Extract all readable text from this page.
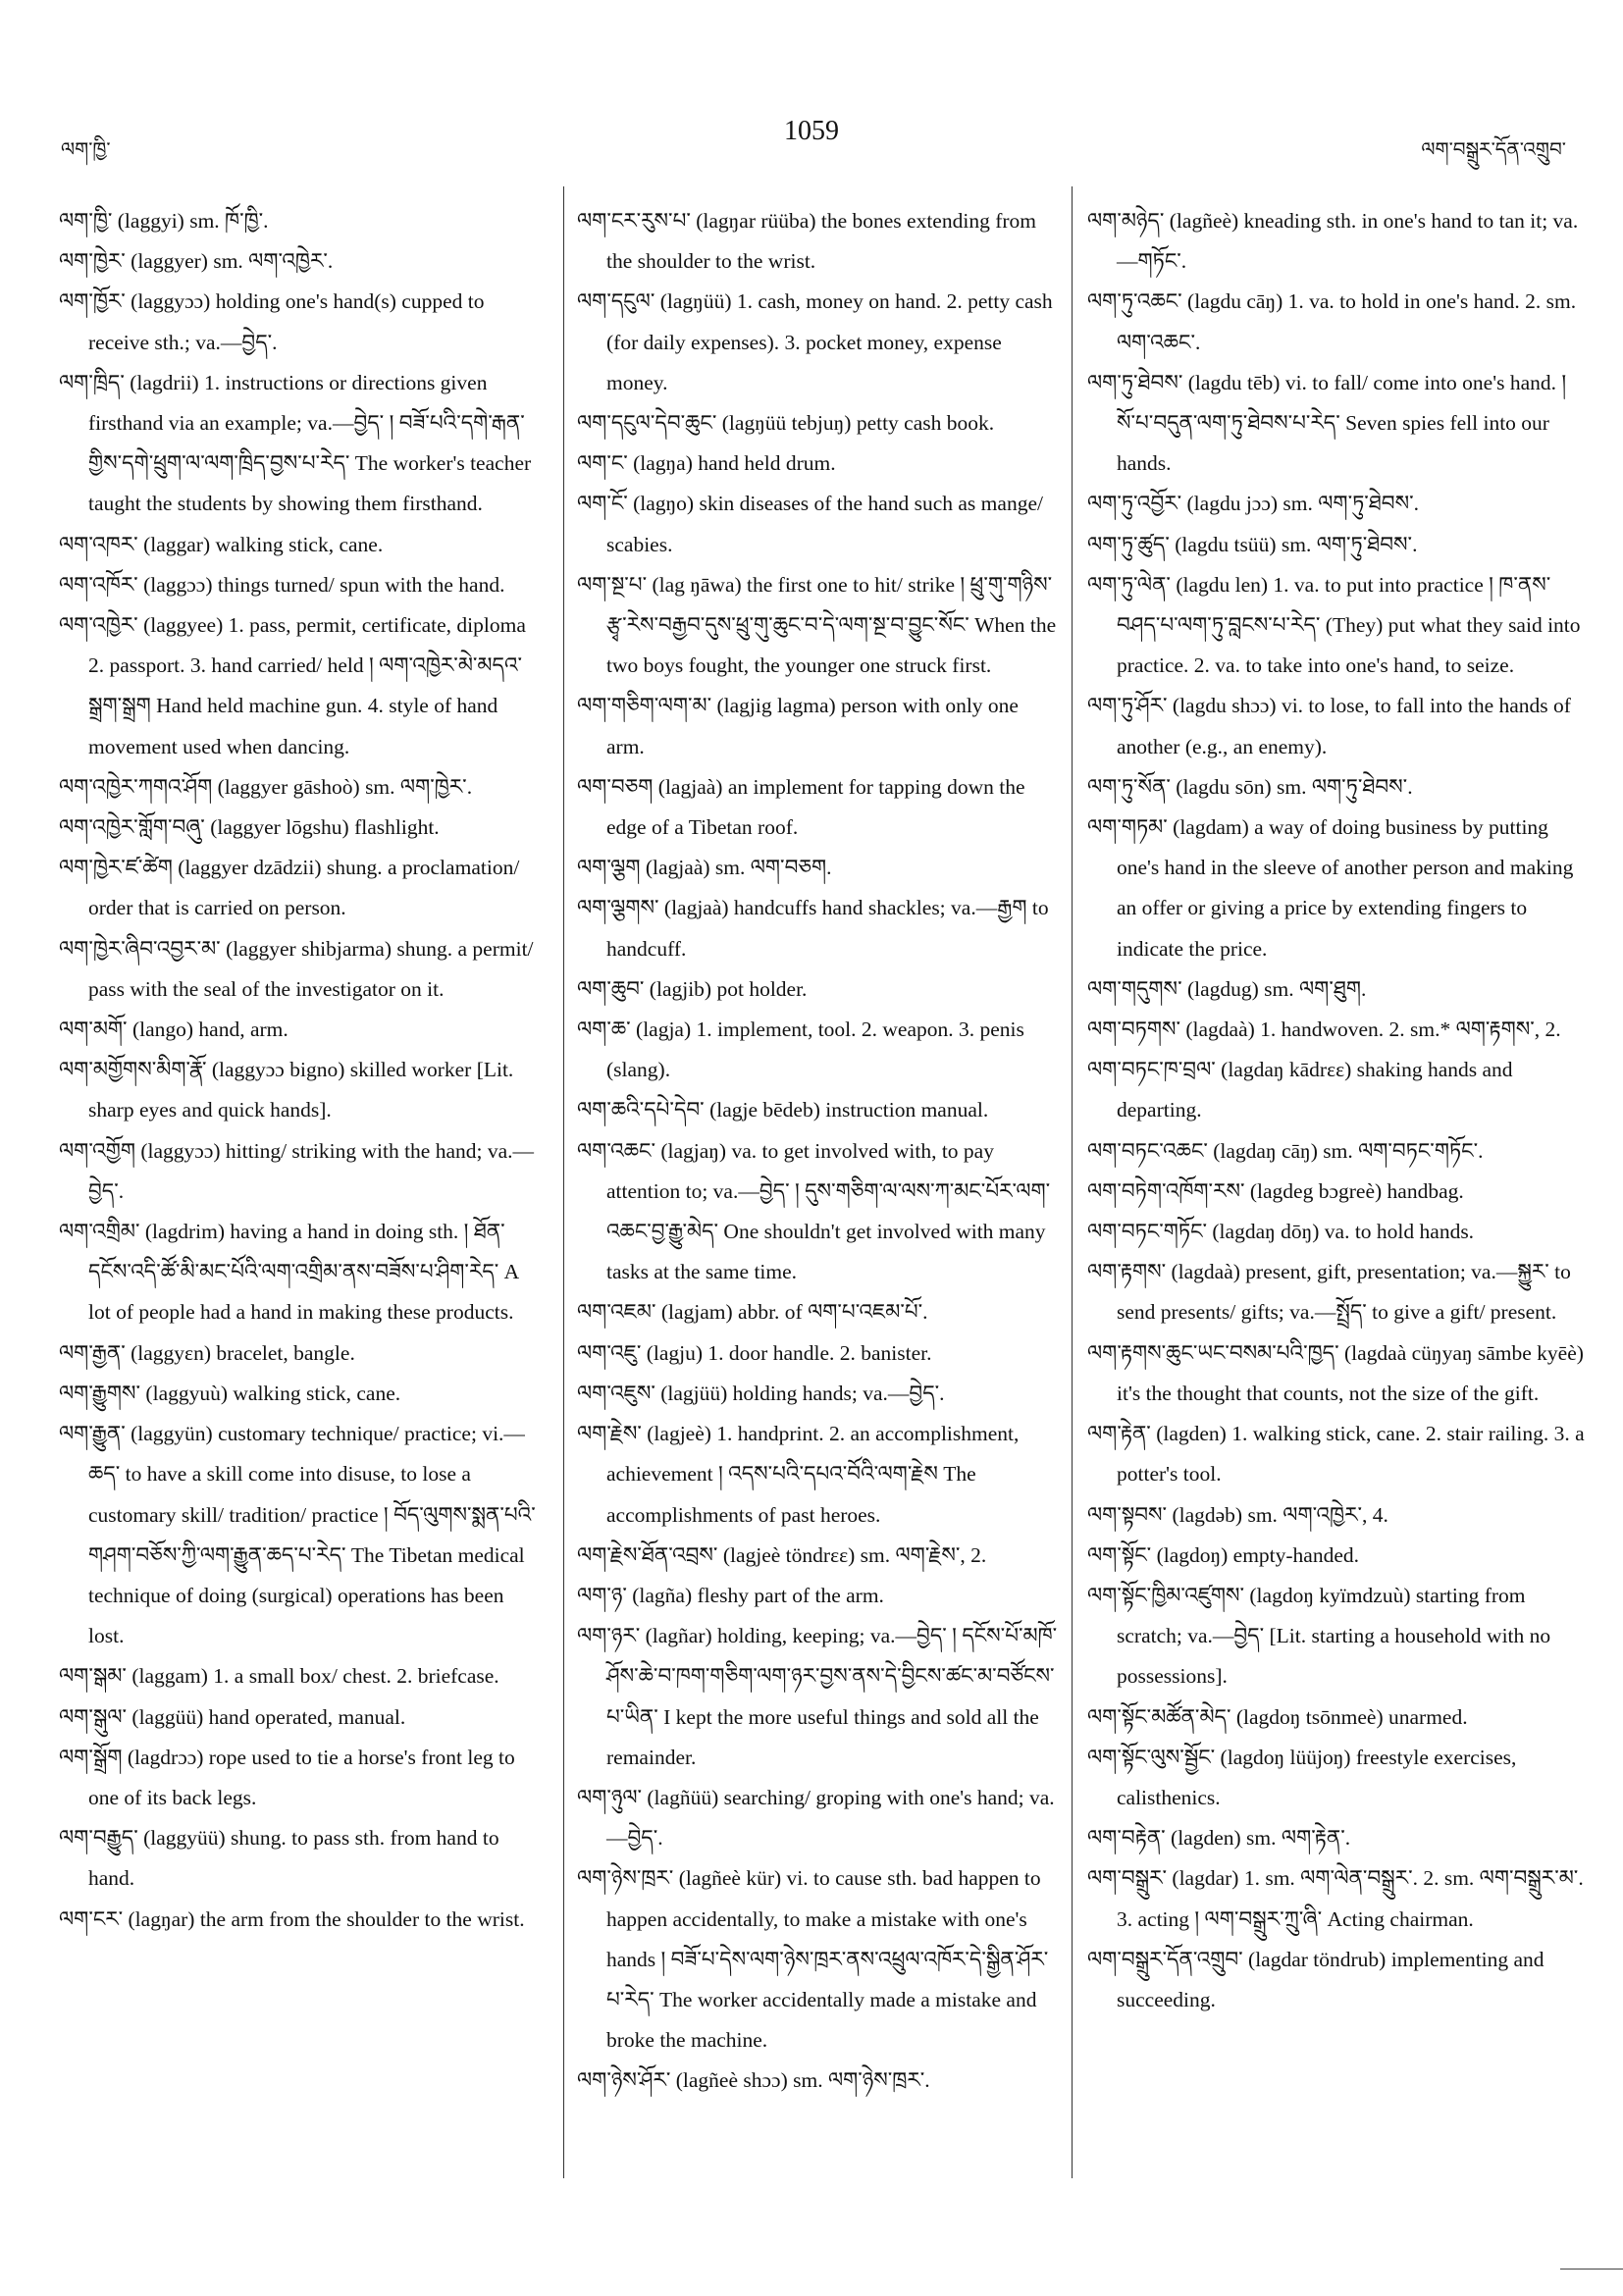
ལག་ཁྱི་
1059
ལག་བསྒྲུར་དོན་འགྲུབ་
ལག་ཁྱི་ (laggyi) sm. ཁོ་ཁྱི་.
ལག་ཁྱེར་ (laggyer) sm. ལག་འཁྱེར་.
ལག་ཁྱོར་ (laggyɔɔ) holding one's hand(s) cupped to receive sth.; va.—བྱེད་.
ལག་ཁྲིད་ (lagdrii) 1. instructions or directions given firsthand via an example; va.—བྱེད་ ། བཟོ་པའི་དགེ་རྒན་གྱིས་དགེ་ཕྲུག་ལ་ལག་ཁྲིད་བྱས་པ་རེད་ The worker's teacher taught the students by showing them firsthand.
ལག་འཁར་ (laggar) walking stick, cane.
ལག་འཁོར་ (laggɔɔ) things turned/ spun with the hand.
ལག་འཁྱེར་ (laggyee) 1. pass, permit, certificate, diploma 2. passport. 3. hand carried/ held ། ལག་འཁྱེར་མེ་མདའ་སྒྲག་སྒྲག Hand held machine gun. 4. style of hand movement used when dancing.
ལག་འཁྱེར་ཀགའ་ཤོག (laggyer gāshoò) sm. ལག་ཁྱེར་.
ལག་འཁྱེར་གློག་བཞུ་ (laggyer lōgshu) flashlight.
ལག་ཁྱེར་ཛ་ཚེག (laggyer dzādzii) shung. a proclamation/ order that is carried on person.
ལག་ཁྱེར་ཞིབ་འབྱར་མ་ (laggyer shibjarma) shung. a permit/ pass with the seal of the investigator on it.
ལག་མགོ་ (lango) hand, arm.
ལག་མགྱོགས་མིག་རྣོ་ (laggyɔɔ bigno) skilled worker [Lit. sharp eyes and quick hands].
ལག་འགྱོག (laggyɔɔ) hitting/ striking with the hand; va.—བྱེད་.
ལག་འགྲིམ་ (lagdrim) having a hand in doing sth. ། ཐོན་དངོས་འདི་ཚོ་མི་མང་པོའི་ལག་འགྲིམ་ནས་བཟོས་པ་ཤིག་རེད་ A lot of people had a hand in making these products.
ལག་རྒྱན་ (laggyɛn) bracelet, bangle.
ལག་རྒྱུགས་ (laggyuù) walking stick, cane.
ལག་རྒྱུན་ (laggyün) customary technique/ practice; vi.—ཆད་ to have a skill come into disuse, to lose a customary skill/ tradition/ practice ། བོད་ལུགས་སྨན་པའི་གཤག་བཅོས་ཀྱི་ལག་རྒྱུན་ཆད་པ་རེད་ The Tibetan medical technique of doing (surgical) operations has been lost.
ལག་སྒམ་ (laggam) 1. a small box/ chest. 2. briefcase.
ལག་སྒུལ་ (laggüü) hand operated, manual.
ལག་སྒྲོག (lagdrɔɔ) rope used to tie a horse's front leg to one of its back legs.
ལག་བརྒྱུད་ (laggyüü) shung. to pass sth. from hand to hand.
ལག་ངར་ (lagŋar) the arm from the shoulder to the wrist.
ལག་ངར་རུས་པ་ (lagŋar rüüba) the bones extending from the shoulder to the wrist.
ལག་དངུལ་ (lagŋüü) 1. cash, money on hand. 2. petty cash (for daily expenses). 3. pocket money, expense money.
ལག་དངུལ་དེབ་ཆུང་ (lagŋüü tebjuŋ) petty cash book.
ལག་ང་ (lagŋa) hand held drum.
ལག་ངོ་ (lagŋo) skin diseases of the hand such as mange/ scabies.
ལག་སྔ་པ་ (lag ŋāwa) the first one to hit/ strike ། ཕྲུ་གུ་གཉིས་རྩྭ་རེས་བརྒྱབ་དུས་ཕྲུ་གུ་ཆུང་བ་དེ་ལག་སྔ་བ་བྱུང་སོང་ When the two boys fought, the younger one struck first.
ལག་གཅིག་ལག་མ་ (lagjig lagma) person with only one arm.
ལག་བཅག (lagjaà) an implement for tapping down the edge of a Tibetan roof.
ལག་ལྕག (lagjaà) sm. ལག་བཅག.
ལག་ལྕགས་ (lagjaà) handcuffs hand shackles; va.—རྒྱག to handcuff.
ལག་ཆུབ་ (lagjib) pot holder.
ལག་ཆ་ (lagja) 1. implement, tool. 2. weapon. 3. penis (slang).
ལག་ཆའི་དཔེ་དེབ་ (lagje bēdeb) instruction manual.
ལག་འཆང་ (lagjaŋ) va. to get involved with, to pay attention to; va.—བྱེད་ ། དུས་གཅིག་ལ་ལས་ཀ་མང་པོར་ལག་འཆང་བྱ་རྒྱུ་མེད་ One shouldn't get involved with many tasks at the same time.
ལག་འཇམ་ (lagjam) abbr. of ལག་པ་འཇམ་པོ་.
ལག་འཇུ་ (lagju) 1. door handle. 2. banister.
ལག་འཇུས་ (lagjüü) holding hands; va.—བྱེད་.
ལག་རྗེས་ (lagjeè) 1. handprint. 2. an accomplishment, achievement ། འདས་པའི་དཔའ་བོའི་ལག་རྗེས The accomplishments of past heroes.
ལག་རྗེས་ཐོན་འབྲས་ (lagjeè töndrɛɛ) sm. ལག་རྗེས་, 2.
ལག་ཉ་ (lagña) fleshy part of the arm.
ལག་ཉར་ (lagñar) holding, keeping; va.—བྱེད་ ། དངོས་པོ་མཁོ་ཤོས་ཆེ་བ་ཁག་གཅིག་ལག་ཉར་བྱས་ནས་དེ་བྱིངས་ཚང་མ་བཙོངས་པ་ཡིན་ I kept the more useful things and sold all the remainder.
ལག་ཉུལ་ (lagñüü) searching/ groping with one's hand; va.—བྱེད་.
ལག་ཉེས་ཁྲར་ (lagñeè kür) vi. to cause sth. bad happen to happen accidentally, to make a mistake with one's hands ། བཟོ་པ་དེས་ལག་ཉེས་ཁྲར་ནས་འཕྲུལ་འཁོར་དེ་སྒྱིན་ཤོར་པ་རེད་ The worker accidentally made a mistake and broke the machine.
ལག་ཉེས་ཤོར་ (lagñeè shɔɔ) sm. ལག་ཉེས་ཁྲར་.
ལག་མཉེད་ (lagñeè) kneading sth. in one's hand to tan it; va.—གཏོང་.
ལག་ཏུ་འཆང་ (lagdu cāŋ) 1. va. to hold in one's hand. 2. sm. ལག་འཆང་.
ལག་ཏུ་ཐེབས་ (lagdu tēb) vi. to fall/ come into one's hand. ། སོ་པ་བདུན་ལག་ཏུ་ཐེབས་པ་རེད་ Seven spies fell into our hands.
ལག་ཏུ་འབྱོར་ (lagdu jɔɔ) sm. ལག་ཏུ་ཐེབས་.
ལག་ཏུ་ཚུད་ (lagdu tsüü) sm. ལག་ཏུ་ཐེབས་.
ལག་ཏུ་ལེན་ (lagdu len) 1. va. to put into practice ། ཁ་ནས་བཤད་པ་ལག་ཏུ་བླངས་པ་རེད་ (They) put what they said into practice. 2. va. to take into one's hand, to seize.
ལག་ཏུ་ཤོར་ (lagdu shɔɔ) vi. to lose, to fall into the hands of another (e.g., an enemy).
ལག་ཏུ་སོན་ (lagdu sōn) sm. ལག་ཏུ་ཐེབས་.
ལག་གཏམ་ (lagdam) a way of doing business by putting one's hand in the sleeve of another person and making an offer or giving a price by extending fingers to indicate the price.
ལག་གདུགས་ (lagdug) sm. ལག་ཐུག.
ལག་བཏགས་ (lagdaà) 1. handwoven. 2. sm.* ལག་རྟགས་, 2.
ལག་བཏང་ཁ་བྲལ་ (lagdaŋ kādrɛɛ) shaking hands and departing.
ལག་བཏང་འཆང་ (lagdaŋ cāŋ) sm. ལག་བཏང་གཏོང་.
ལག་བཏེག་འཁོག་རས་ (lagdeg bɔgreè) handbag.
ལག་བཏང་གཏོང་ (lagdaŋ dōŋ) va. to hold hands.
ལག་རྟགས་ (lagdaà) present, gift, presentation; va.—སྐྱུར་ to send presents/ gifts; va.—སྤྲོད་ to give a gift/ present.
ལག་རྟགས་ཆུང་ཡང་བསམ་པའི་ཁྱད་ (lagdaà cüŋyaŋ sāmbe kyēè) it's the thought that counts, not the size of the gift.
ལག་རྟེན་ (lagden) 1. walking stick, cane. 2. stair railing. 3. a potter's tool.
ལག་སྟབས་ (lagdəb) sm. ལག་འཁྱེར་, 4.
ལག་སྟོང་ (lagdoŋ) empty-handed.
ལག་སྟོང་ཁྱིམ་འཛུགས་ (lagdoŋ kyïmdzuù) starting from scratch; va.—བྱེད་ [Lit. starting a household with no possessions].
ལག་སྟོང་མཚོན་མེད་ (lagdoŋ tsōnmeè) unarmed.
ལག་སྟོང་ལུས་སྦྱོང་ (lagdoŋ lüüjoŋ) freestyle exercises, calisthenics.
ལག་བརྟེན་ (lagden) sm. ལག་རྟེན་.
ལག་བསྒྲུར་ (lagdar) 1. sm. ལག་ལེན་བསྒྲུར་. 2. sm. ལག་བསྒྲུར་མ་. 3. acting ། ལག་བསྒྲུར་ཀྲུ་ཞི་ Acting chairman.
ལག་བསྒྲུར་དོན་འགྲུབ་ (lagdar töndrub) implementing and succeeding.
